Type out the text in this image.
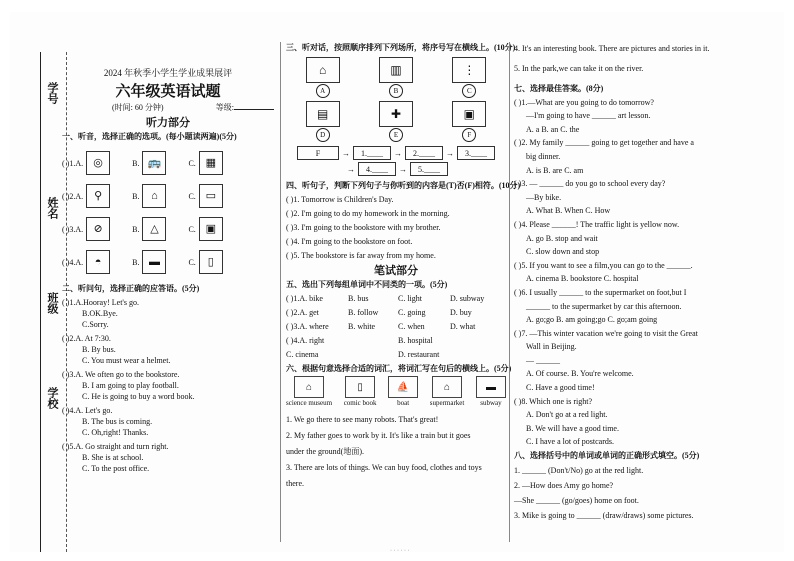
学号
姓名
班级
学校
2024 年秋季小学生学业成果展评
六年级英语试题
(时间: 60 分钟)	等级:
听力部分
一、听音，选择正确的选项。(每小题读两遍)(5分)
( )1.A. ◎	B. 🚌	C. ▦
( )2.A. ⚲	B.	⌂	C. ▭
( )3.A. ⊘	B. △	C. ▣
( )4.A.	◓	B. ▬	C.	▯
二、听问句，选择正确的应答语。(5分)
( )1.A.Hooray! Let's go.
B.OK.Bye.
C.Sorry.
( )2.A. At 7:30.
B. By bus.
C. You must wear a helmet.
( )3.A. We often go to the bookstore.
B. I am going to play football.
C. He is going to buy a word book.
( )4.A. Let's go.
B. The bus is coming.
C. Oh,right! Thanks.
( )5.A. Go straight and turn right.
B. She is at school.
C. To the post office.
三、听对话，按照顺序排列下列场所，将序号写在横线上。(10分)
⌂
A
▥
B
⋮
C
▤
D
✚
E
▣
F
F	→	1. ____	→	2. ____	→	3. ____
→	4. ____	→	5. ____
四、听句子，判断下列句子与你听到的内容是(T)否(F)相符。(10分)
( )1. Tomorrow is Children's Day.
( )2. I'm going to do my homework in the morning.
( )3. I'm going to the bookstore with my brother.
( )4. I'm going to the bookstore on foot.
( )5. The bookstore is far away from my home.
笔试部分
五、选出下列每组单词中不同类的一项。(5分)
( )1.A. bike	B. bus	C. light	D. subway
( )2.A. get	B. follow	C. going	D. buy
( )3.A. where	B. white	C. when	D. what
( )4.A. right	B. hospital
C. cinema	D. restaurant
六、根据句意选择合适的词汇，将词汇写在句后的横线上。(5分)
⌂
science museum
▯
comic book
⛵
boat
⌂
supermarket
▬
subway
1. We go there to see many robots. That's great!
2. My father goes to work by it. It's like a train but it goes
under the ground(地面).
3. There are lots of things. We can buy food, clothes and toys
there.
4. It's an interesting book. There are pictures and stories in it.
5. In the park,we can take it on the river.
七、选择最佳答案。(8分)
( )1.—What are you going to do tomorrow?
—I'm going to have ______ art lesson.
A. a B. an C. the
( )2. My family ______ going to get together and have a
big dinner.
A. is B. are C. am
( )3. — ______ do you go to school every day?
—By bike.
A. What B. When C. How
( )4. Please ______! The traffic light is yellow now.
A. go B. stop and wait
C. slow down and stop
( )5. If you want to see a film,you can go to the ______.
A. cinema B. bookstore C. hospital
( )6. I usually ______ to the supermarket on foot,but I
______ to the supermarket by car this afternoon.
A. go;go B. am going;go C. go;am going
( )7. —This winter vacation we're going to visit the Great
Wall in Beijing.
— ______
A. Of course. B. You're welcome.
C. Have a good time!
( )8. Which one is right?
A. Don't go at a red light.
B. We will have a good time.
C. I have a lot of postcards.
八、选择括号中的单词或单词的正确形式填空。(5分)
1. ______ (Don't/No) go at the red light.
2. —How does Amy go home?
—She ______ (go/goes) home on foot.
3. Mike is going to ______ (draw/draws) some pictures.
· · · · · ·
